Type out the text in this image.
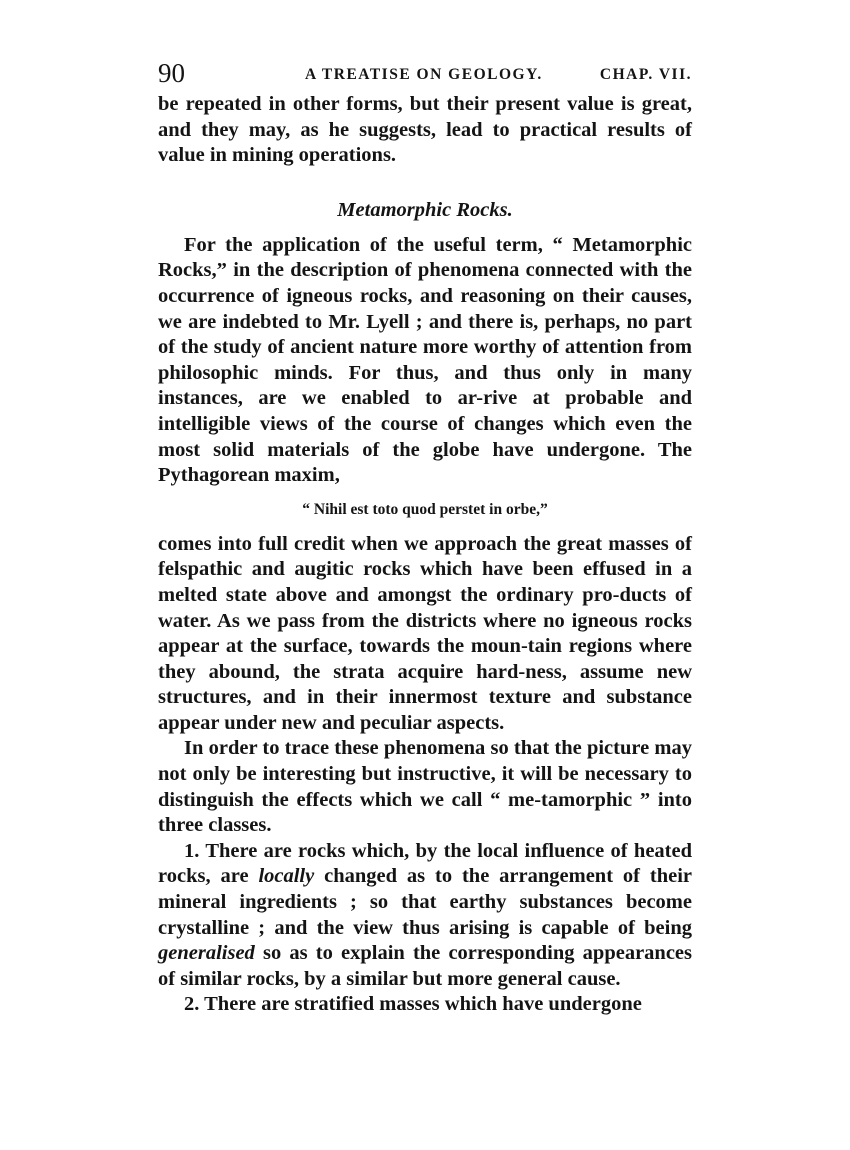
90	A TREATISE ON GEOLOGY.	CHAP. VII.

be repeated in other forms, but their present value is great, and they may, as he suggests, lead to practical results of value in mining operations.

Metamorphic Rocks.

For the application of the useful term, “ Metamorphic Rocks,” in the description of phenomena connected with the occurrence of igneous rocks, and reasoning on their causes, we are indebted to Mr. Lyell ; and there is, perhaps, no part of the study of ancient nature more worthy of attention from philosophic minds. For thus, and thus only in many instances, are we enabled to ar-rive at probable and intelligible views of the course of changes which even the most solid materials of the globe have undergone. The Pythagorean maxim,

“ Nihil est toto quod perstet in orbe,”

comes into full credit when we approach the great masses of felspathic and augitic rocks which have been effused in a melted state above and amongst the ordinary pro-ducts of water. As we pass from the districts where no igneous rocks appear at the surface, towards the moun-tain regions where they abound, the strata acquire hard-ness, assume new structures, and in their innermost texture and substance appear under new and peculiar aspects.

In order to trace these phenomena so that the picture may not only be interesting but instructive, it will be necessary to distinguish the effects which we call “ me-tamorphic ” into three classes.

1. There are rocks which, by the local influence of heated rocks, are locally changed as to the arrangement of their mineral ingredients ; so that earthy substances become crystalline ; and the view thus arising is capable of being generalised so as to explain the corresponding appearances of similar rocks, by a similar but more general cause.

2. There are stratified masses which have undergone
